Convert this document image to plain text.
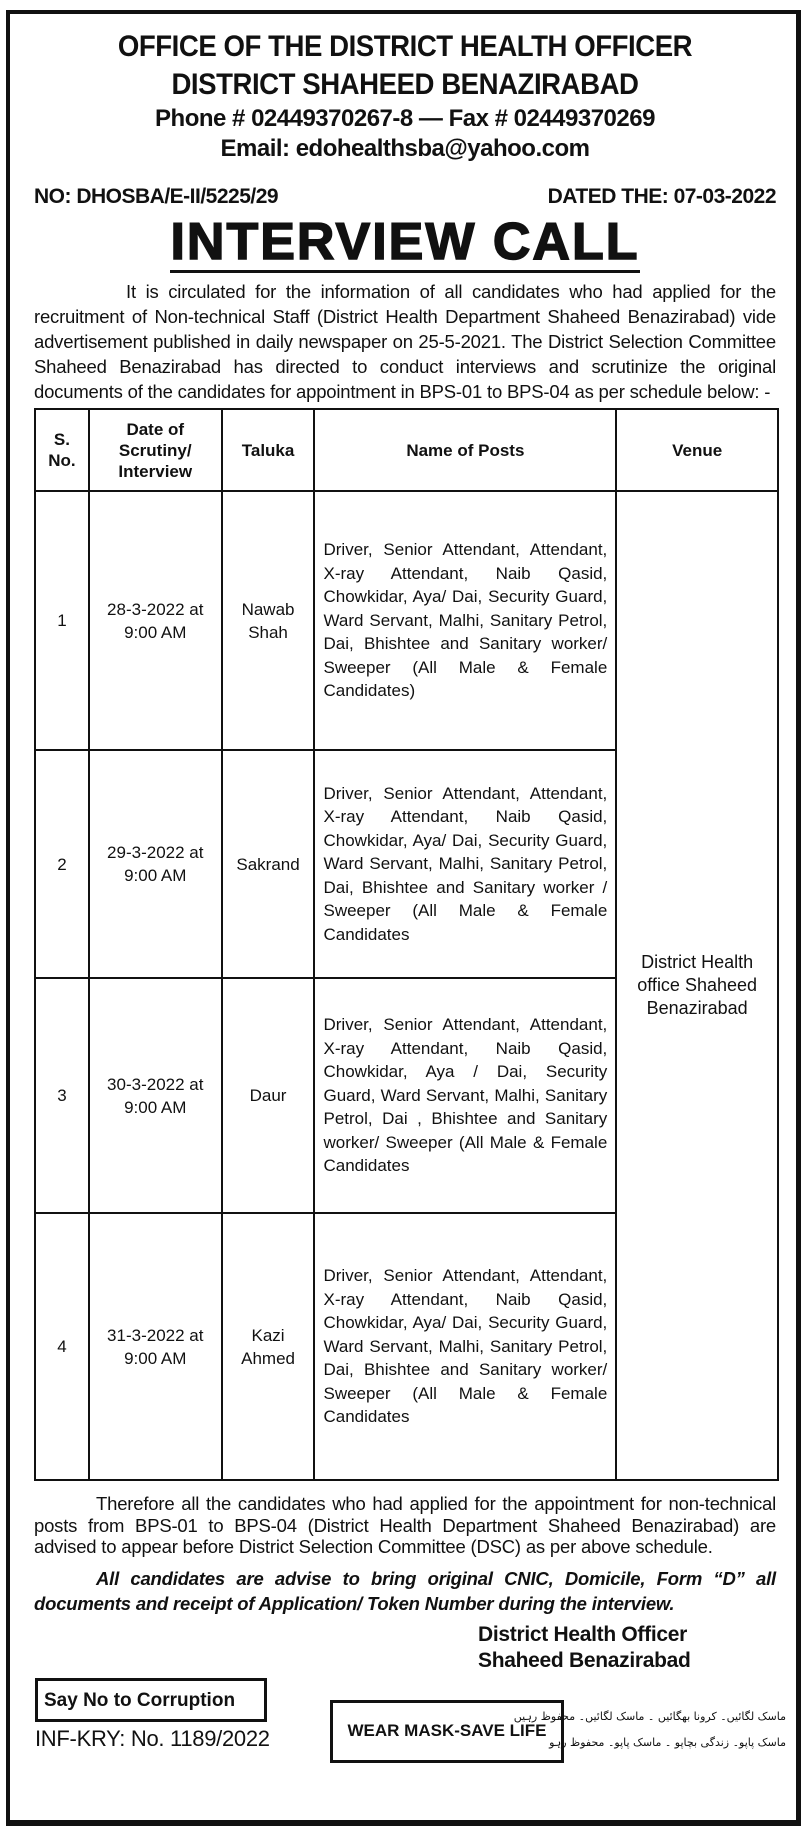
OFFICE OF THE DISTRICT HEALTH OFFICER
DISTRICT SHAHEED BENAZIRABAD
Phone # 02449370267-8 — Fax # 02449370269
Email: edohealthsba@yahoo.com
NO: DHOSBA/E-II/5225/29	DATED THE: 07-03-2022
INTERVIEW CALL
It is circulated for the information of all candidates who had applied for the recruitment of Non-technical Staff (District Health Department Shaheed Benazirabad) vide advertisement published in daily newspaper on 25-5-2021. The District Selection Committee Shaheed Benazirabad has directed to conduct interviews and scrutinize the original documents of the candidates for appointment in BPS-01 to BPS-04 as per schedule below: -
S. No.	Date of Scrutiny/ Interview	Taluka	Name of Posts	Venue
1	28-3-2022 at 9:00 AM	Nawab Shah	Driver, Senior Attendant, Attendant, X-ray Attendant, Naib Qasid, Chowkidar, Aya/ Dai, Security Guard, Ward Servant, Malhi, Sanitary Petrol, Dai, Bhishtee and Sanitary worker/ Sweeper (All Male & Female Candidates)	District Health office Shaheed Benazirabad
2	29-3-2022 at 9:00 AM	Sakrand	Driver, Senior Attendant, Attendant, X-ray Attendant, Naib Qasid, Chowkidar, Aya/ Dai, Security Guard, Ward Servant, Malhi, Sanitary Petrol, Dai, Bhishtee and Sanitary worker / Sweeper (All Male & Female Candidates	
3	30-3-2022 at 9:00 AM	Daur	Driver, Senior Attendant, Attendant, X-ray Attendant, Naib Qasid, Chowkidar, Aya / Dai, Security Guard, Ward Servant, Malhi, Sanitary Petrol, Dai , Bhishtee and Sanitary worker/ Sweeper (All Male & Female Candidates	
4	31-3-2022 at 9:00 AM	Kazi Ahmed	Driver, Senior Attendant, Attendant, X-ray Attendant, Naib Qasid, Chowkidar, Aya/ Dai, Security Guard, Ward Servant, Malhi, Sanitary Petrol, Dai, Bhishtee and Sanitary worker/ Sweeper (All Male & Female Candidates	
Therefore all the candidates who had applied for the appointment for non-technical posts from BPS-01 to BPS-04 (District Health Department Shaheed Benazirabad) are advised to appear before District Selection Committee (DSC) as per above schedule.
All candidates are advise to bring original CNIC, Domicile, Form “D” all documents and receipt of Application/ Token Number during the interview.
District Health Officer
Shaheed Benazirabad
Say No to Corruption
INF-KRY: No. 1189/2022	WEAR MASK-SAVE LIFE
ماسک لگائیں۔ کرونا بھگائیں ۔ ماسک لگائیں۔ محفوظ رہیں
ماسک پاپو۔ زندگی بچاپو ۔ ماسک پاپو۔ محفوظ رہو
